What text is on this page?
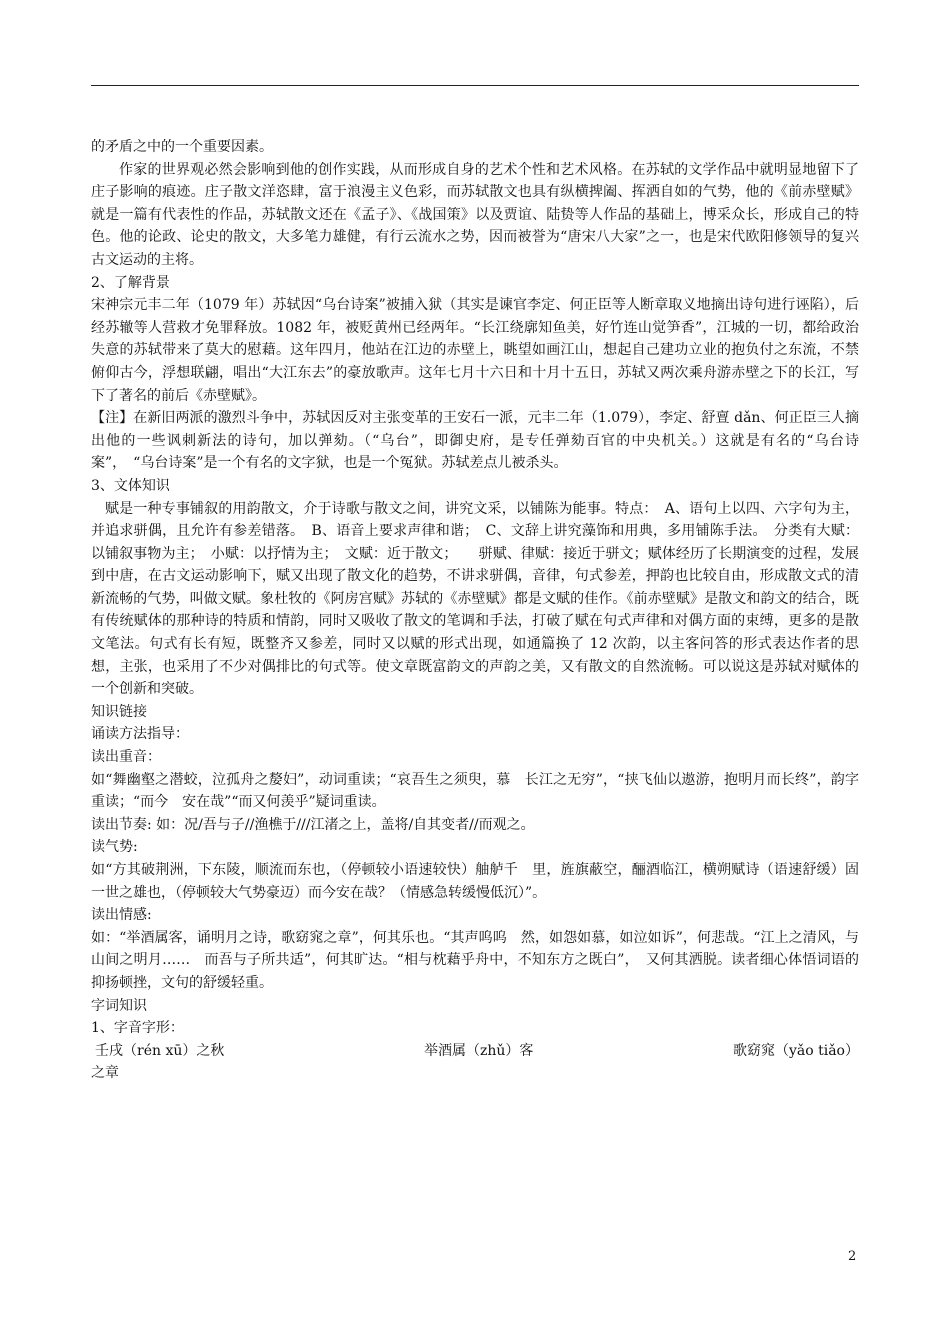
的矛盾之中的一个重要因素。

作家的世界观必然会影响到他的创作实践，从而形成自身的艺术个性和艺术风格。在苏轼的文学作品中就明显地留下了庄子影响的痕迹。庄子散文洋恣肆，富于浪漫主义色彩，而苏轼散文也具有纵横捭阖、挥洒自如的气势，他的《前赤壁赋》就是一篇有代表性的作品，苏轼散文还在《孟子》、《战国策》以及贾谊、陆贽等人作品的基础上，博采众长，形成自己的特色。他的论政、论史的散文，大多笔力雄健，有行云流水之势，因而被誉为“唐宋八大家”之一，也是宋代欧阳修领导的复兴古文运动的主将。

2、了解背景

宋神宗元丰二年（1079 年）苏轼因“乌台诗案”被捕入狱（其实是谏官李定、何正臣等人断章取义地摘出诗句进行诬陷），后经苏辙等人营救才免罪释放。1082 年，被贬黄州已经两年。“长江绕廓知鱼美，好竹连山觉笋香”，江城的一切，都给政治失意的苏轼带来了莫大的慰藉。这年四月，他站在江边的赤壁上，眺望如画江山，想起自己建功立业的抱负付之东流，不禁俯仰古今，浮想联翩，唱出“大江东去”的豪放歌声。这年七月十六日和十月十五日，苏轼又两次乘舟游赤壁之下的长江，写下了著名的前后《赤壁赋》。

【注】在新旧两派的激烈斗争中，苏轼因反对主张变革的王安石一派，元丰二年（1.079），李定、舒亶 dǎn、何正臣三人摘出他的一些讽刺新法的诗句，加以弹劾。（“乌台”，即御史府，是专任弹劾百官的中央机关。）这就是有名的“乌台诗案”，　“乌台诗案”是一个有名的文字狱，也是一个冤狱。苏轼差点儿被杀头。

3、文体知识

赋是一种专事铺叙的用韵散文，介于诗歌与散文之间，讲究文采，以铺陈为能事。特点：　A、语句上以四、六字句为主，并追求骈偶，且允许有参差错落。　B、语音上要求声律和谐；　C、文辞上讲究藻饰和用典，多用铺陈手法。　分类有大赋：以铺叙事物为主；　小赋：以抒情为主；　文赋：近于散文；　　骈赋、律赋：接近于骈文；赋体经历了长期演变的过程，发展到中唐，在古文运动影响下，赋又出现了散文化的趋势，不讲求骈偶，音律，句式参差，押韵也比较自由，形成散文式的清新流畅的气势，叫做文赋。象杜牧的《阿房宫赋》苏轼的《赤壁赋》都是文赋的佳作。《前赤壁赋》是散文和韵文的结合，既有传统赋体的那种诗的特质和情韵，同时又吸收了散文的笔调和手法，打破了赋在句式声律和对偶方面的束缚，更多的是散文笔法。句式有长有短，既整齐又参差，同时又以赋的形式出现，如通篇换了 12 次韵，以主客问答的形式表达作者的思想，主张，也采用了不少对偶排比的句式等。使文章既富韵文的声韵之美，又有散文的自然流畅。可以说这是苏轼对赋体的一个创新和突破。

知识链接

诵读方法指导：

读出重音：

如“舞幽壑之潜蛟，泣孤舟之嫠妇”，动词重读；“哀吾生之须臾，慕　长江之无穷”，“挟飞仙以遨游，抱明月而长终”，韵字重读；“而今　安在哉”“而又何羡乎”疑词重读。

读出节奏: 如：况/吾与子//渔樵于///江渚之上，盖将/自其变者//而观之。

读气势:

如“方其破荆洲，下东陵，顺流而东也，（停顿较小语速较快）舳舻千　里，旌旗蔽空，酾酒临江，横朔赋诗（语速舒缓）固一世之雄也，（停顿较大气势豪迈）而今安在哉？（情感急转缓慢低沉）”。

读出情感:

如：“举酒属客，诵明月之诗，歌窈窕之章”，何其乐也。“其声呜呜　然，如怨如慕，如泣如诉”，何悲哉。“江上之清风，与山间之明月……　而吾与子所共适”，何其旷达。“相与枕藉乎舟中，不知东方之既白”，　又何其洒脱。读者细心体悟词语的抑扬顿挫，文句的舒缓轻重。

字词知识

1、字音字形：

壬戌（rén xū）之秋	举酒属（zhǔ）客	歌窈窕（yǎo tiǎo）

之章

2
